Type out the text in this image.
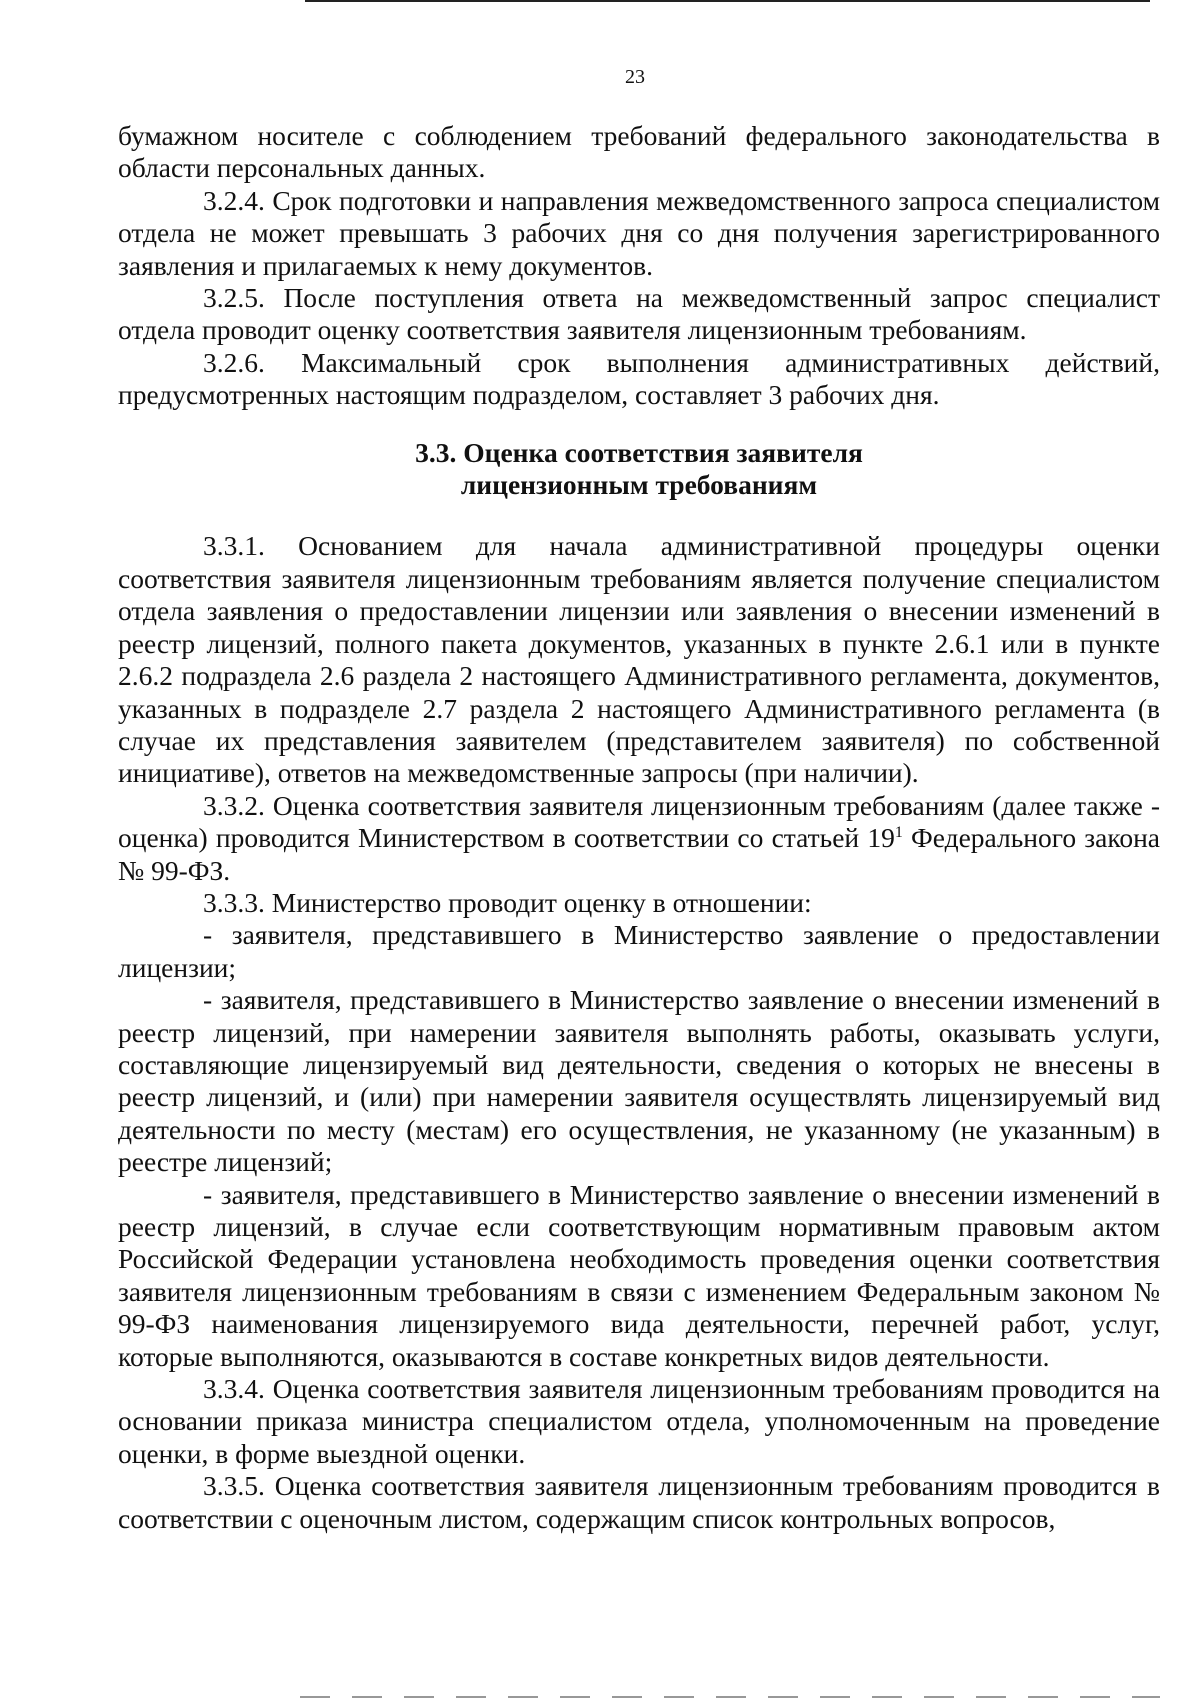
23

бумажном носителе с соблюдением требований федерального законодательства в области персональных данных.

3.2.4. Срок подготовки и направления межведомственного запроса специалистом отдела не может превышать 3 рабочих дня со дня получения зарегистрированного заявления и прилагаемых к нему документов.

3.2.5. После поступления ответа на межведомственный запрос специалист отдела проводит оценку соответствия заявителя лицензионным требованиям.

3.2.6. Максимальный срок выполнения административных действий, предусмотренных настоящим подразделом, составляет 3 рабочих дня.

3.3. Оценка соответствия заявителя
лицензионным требованиям

3.3.1. Основанием для начала административной процедуры оценки соответствия заявителя лицензионным требованиям является получение специалистом отдела заявления о предоставлении лицензии или заявления о внесении изменений в реестр лицензий, полного пакета документов, указанных в пункте 2.6.1 или в пункте 2.6.2 подраздела 2.6 раздела 2 настоящего Административного регламента, документов, указанных в подразделе 2.7 раздела 2 настоящего Административного регламента (в случае их представления заявителем (представителем заявителя) по собственной инициативе), ответов на межведомственные запросы (при наличии).

3.3.2. Оценка соответствия заявителя лицензионным требованиям (далее также - оценка) проводится Министерством в соответствии со статьей $19^1$ Федерального закона № 99-ФЗ.

3.3.3. Министерство проводит оценку в отношении:

- заявителя, представившего в Министерство заявление о предоставлении лицензии;

- заявителя, представившего в Министерство заявление о внесении изменений в реестр лицензий, при намерении заявителя выполнять работы, оказывать услуги, составляющие лицензируемый вид деятельности, сведения о которых не внесены в реестр лицензий, и (или) при намерении заявителя осуществлять лицензируемый вид деятельности по месту (местам) его осуществления, не указанному (не указанным) в реестре лицензий;

- заявителя, представившего в Министерство заявление о внесении изменений в реестр лицензий, в случае если соответствующим нормативным правовым актом Российской Федерации установлена необходимость проведения оценки соответствия заявителя лицензионным требованиям в связи с изменением Федеральным законом № 99-ФЗ наименования лицензируемого вида деятельности, перечней работ, услуг, которые выполняются, оказываются в составе конкретных видов деятельности.

3.3.4. Оценка соответствия заявителя лицензионным требованиям проводится на основании приказа министра специалистом отдела, уполномоченным на проведение оценки, в форме выездной оценки.

3.3.5. Оценка соответствия заявителя лицензионным требованиям проводится в соответствии с оценочным листом, содержащим список контрольных вопросов,
